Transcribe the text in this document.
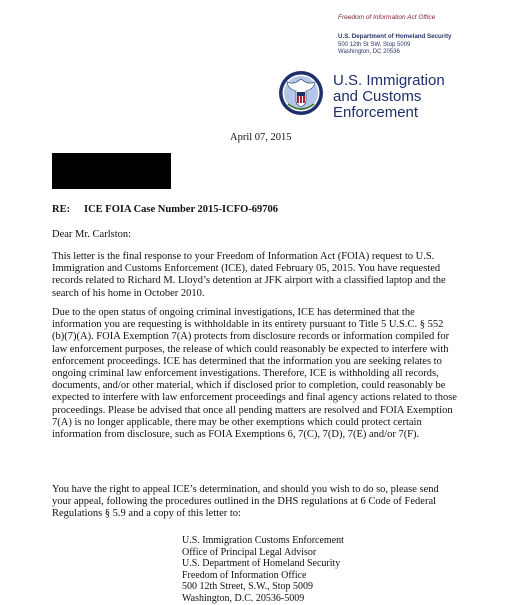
Freedom of Information Act Office
U.S. Department of Homeland Security
500 12th St SW, Stop 5009
Washington, DC 20536
U.S. Immigration
and Customs
Enforcement
April 07, 2015
RE: ICE FOIA Case Number 2015-ICFO-69706
Dear Mr. Carlston:
This letter is the final response to your Freedom of Information Act (FOIA) request to U.S.
Immigration and Customs Enforcement (ICE), dated February 05, 2015. You have requested
records related to Richard M. Lloyd’s detention at JFK airport with a classified laptop and the
search of his home in October 2010.
Due to the open status of ongoing criminal investigations, ICE has determined that the
information you are requesting is withholdable in its entirety pursuant to Title 5 U.S.C. § 552
(b)(7)(A). FOIA Exemption 7(A) protects from disclosure records or information compiled for
law enforcement purposes, the release of which could reasonably be expected to interfere with
enforcement proceedings. ICE has determined that the information you are seeking relates to
ongoing criminal law enforcement investigations. Therefore, ICE is withholding all records,
documents, and/or other material, which if disclosed prior to completion, could reasonably be
expected to interfere with law enforcement proceedings and final agency actions related to those
proceedings. Please be advised that once all pending matters are resolved and FOIA Exemption
7(A) is no longer applicable, there may be other exemptions which could protect certain
information from disclosure, such as FOIA Exemptions 6, 7(C), 7(D), 7(E) and/or 7(F).
You have the right to appeal ICE’s determination, and should you wish to do so, please send
your appeal, following the procedures outlined in the DHS regulations at 6 Code of Federal
Regulations § 5.9 and a copy of this letter to:
U.S. Immigration Customs Enforcement
Office of Principal Legal Advisor
U.S. Department of Homeland Security
Freedom of Information Office
500 12th Street, S.W., Stop 5009
Washington, D.C. 20536-5009
